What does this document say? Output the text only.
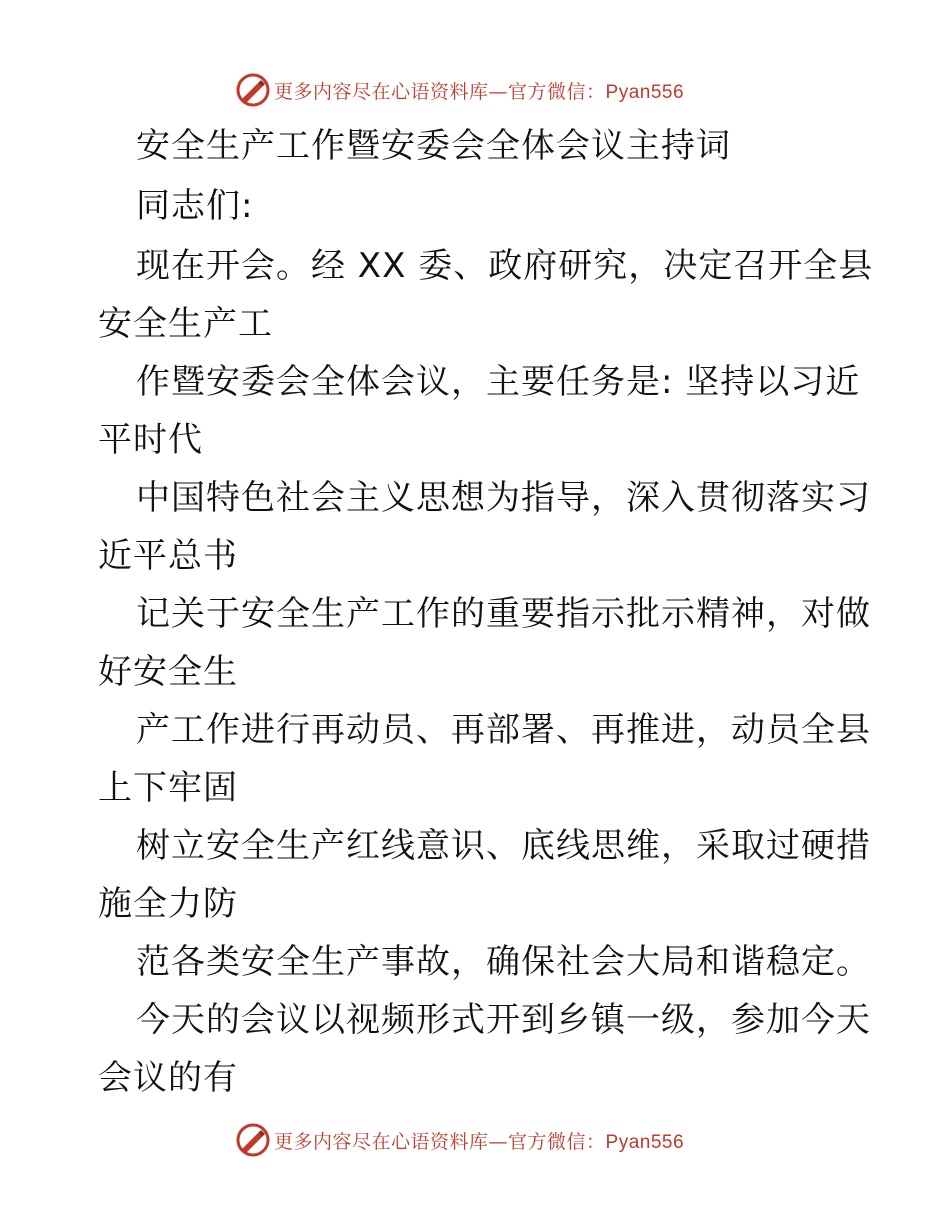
更多内容尽在心语资料库—官方微信：Pyan556
安全生产工作暨安委会全体会议主持词
同志们:
现在开会。经 XX 委、政府研究，决定召开全县
安全生产工
作暨安委会全体会议，主要任务是: 坚持以习近
平时代
中国特色社会主义思想为指导，深入贯彻落实习
近平总书
记关于安全生产工作的重要指示批示精神，对做
好安全生
产工作进行再动员、再部署、再推进，动员全县
上下牢固
树立安全生产红线意识、底线思维，采取过硬措
施全力防
范各类安全生产事故，确保社会大局和谐稳定。
今天的会议以视频形式开到乡镇一级，参加今天
会议的有
更多内容尽在心语资料库—官方微信：Pyan556
